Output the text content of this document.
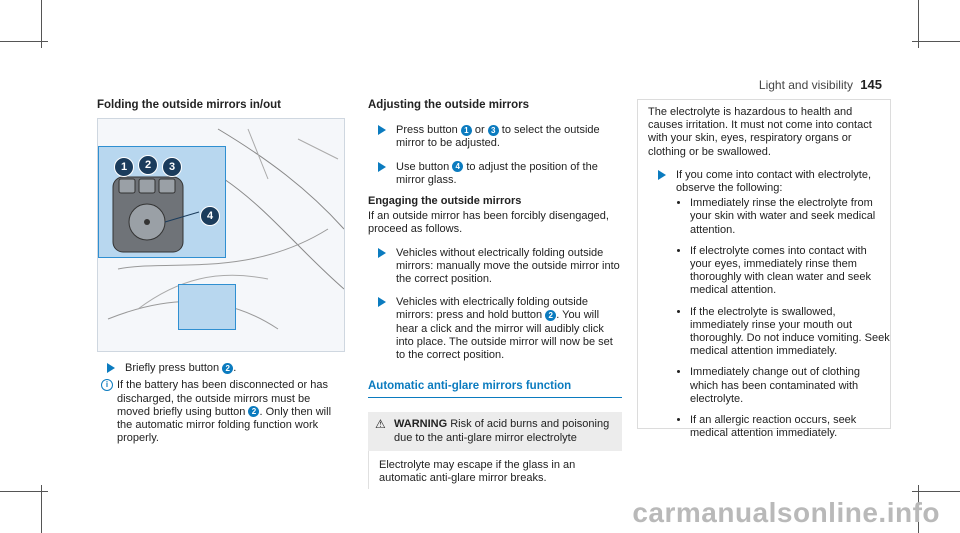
Light and visibility 145
Folding the outside mirrors in/out
1	2	3
4
Briefly press button 2 .
i If the battery has been disconnected or has discharged, the outside mirrors must be moved briefly using button 2 . Only then will the automatic mirror folding function work properly.
Adjusting the outside mirrors
Press button 1 or 3 to select the outside mirror to be adjusted.
Use button 4 to adjust the position of the mirror glass.
Engaging the outside mirrors
If an outside mirror has been forcibly disengaged, proceed as follows.
Vehicles without electrically folding outside mirrors: manually move the outside mirror into the correct position.
Vehicles with electrically folding outside mirrors: press and hold button 2 . You will hear a click and the mirror will audibly click into place. The outside mirror will now be set to the correct position.
Automatic anti-glare mirrors function
⚠ WARNING Risk of acid burns and poisoning due to the anti-glare mirror electrolyte
Electrolyte may escape if the glass in an automatic anti-glare mirror breaks.
The electrolyte is hazardous to health and causes irritation. It must not come into contact with your skin, eyes, respiratory organs or clothing or be swallowed.
If you come into contact with electrolyte, observe the following:
• Immediately rinse the electrolyte from your skin with water and seek medical attention.
• If electrolyte comes into contact with your eyes, immediately rinse them thoroughly with clean water and seek medical attention.
• If the electrolyte is swallowed, immediately rinse your mouth out thoroughly. Do not induce vomiting. Seek medical attention immediately.
• Immediately change out of clothing which has been contaminated with electrolyte.
• If an allergic reaction occurs, seek medical attention immediately.
carmanualsonline.info
